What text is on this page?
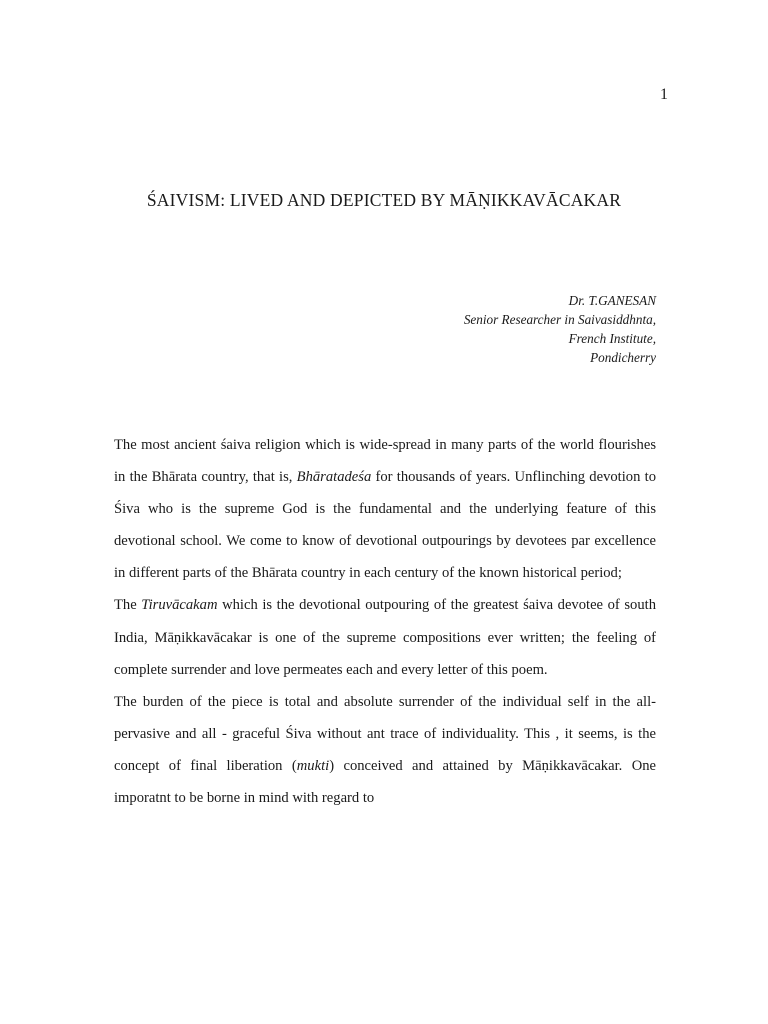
1
ŚAIVISM: LIVED AND DEPICTED BY MĀṆIKKAVĀCAKAR
Dr. T.GANESAN
Senior Researcher in Saivasiddhnta,
French Institute,
Pondicherry

The most ancient śaiva religion which is wide-spread in many parts of the world flourishes in the Bhārata country, that is, Bhāratadeśa for thousands of years. Unflinching devotion to Śiva who is the supreme God is the fundamental and the underlying feature of this devotional school. We come to know of devotional outpourings by devotees par excellence in different parts of the Bhārata country in each century of the known historical period;

The Tiruvācakam which is the devotional outpouring of the greatest śaiva devotee of south India, Māṇikkavācakar is one of the supreme compositions ever written; the feeling of complete surrender and love permeates each and every letter of this poem.

The burden of the piece is total and absolute surrender of the individual self in the all-pervasive and all - graceful Śiva without ant trace of individuality. This , it seems, is the concept of final liberation (mukti) conceived and attained by Māṇikkavācakar. One imporatnt to be borne in mind with regard to
